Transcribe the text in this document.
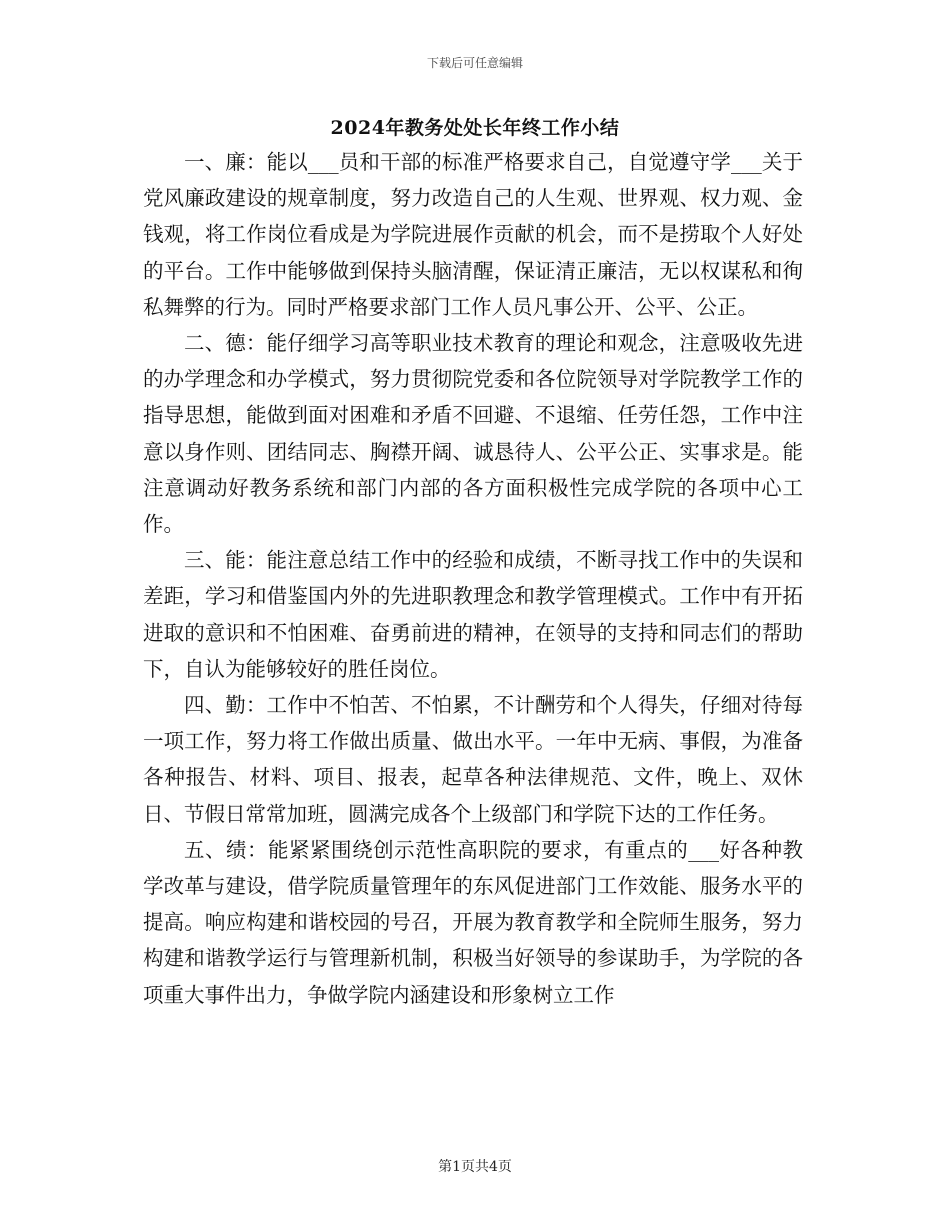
下载后可任意编辑
2024年教务处处长年终工作小结

一、廉：能以___员和干部的标准严格要求自己，自觉遵守学___关于党风廉政建设的规章制度，努力改造自己的人生观、世界观、权力观、金钱观，将工作岗位看成是为学院进展作贡献的机会，而不是捞取个人好处的平台。工作中能够做到保持头脑清醒，保证清正廉洁，无以权谋私和徇私舞弊的行为。同时严格要求部门工作人员凡事公开、公平、公正。

二、德：能仔细学习高等职业技术教育的理论和观念，注意吸收先进的办学理念和办学模式，努力贯彻院党委和各位院领导对学院教学工作的指导思想，能做到面对困难和矛盾不回避、不退缩、任劳任怨，工作中注意以身作则、团结同志、胸襟开阔、诚恳待人、公平公正、实事求是。能注意调动好教务系统和部门内部的各方面积极性完成学院的各项中心工作。

三、能：能注意总结工作中的经验和成绩，不断寻找工作中的失误和差距，学习和借鉴国内外的先进职教理念和教学管理模式。工作中有开拓进取的意识和不怕困难、奋勇前进的精神，在领导的支持和同志们的帮助下，自认为能够较好的胜任岗位。

四、勤：工作中不怕苦、不怕累，不计酬劳和个人得失，仔细对待每一项工作，努力将工作做出质量、做出水平。一年中无病、事假，为准备各种报告、材料、项目、报表，起草各种法律规范、文件，晚上、双休日、节假日常常加班，圆满完成各个上级部门和学院下达的工作任务。

五、绩：能紧紧围绕创示范性高职院的要求，有重点的___好各种教学改革与建设，借学院质量管理年的东风促进部门工作效能、服务水平的提高。响应构建和谐校园的号召，开展为教育教学和全院师生服务，努力构建和谐教学运行与管理新机制，积极当好领导的参谋助手，为学院的各项重大事件出力，争做学院内涵建设和形象树立工作

第1页共4页
